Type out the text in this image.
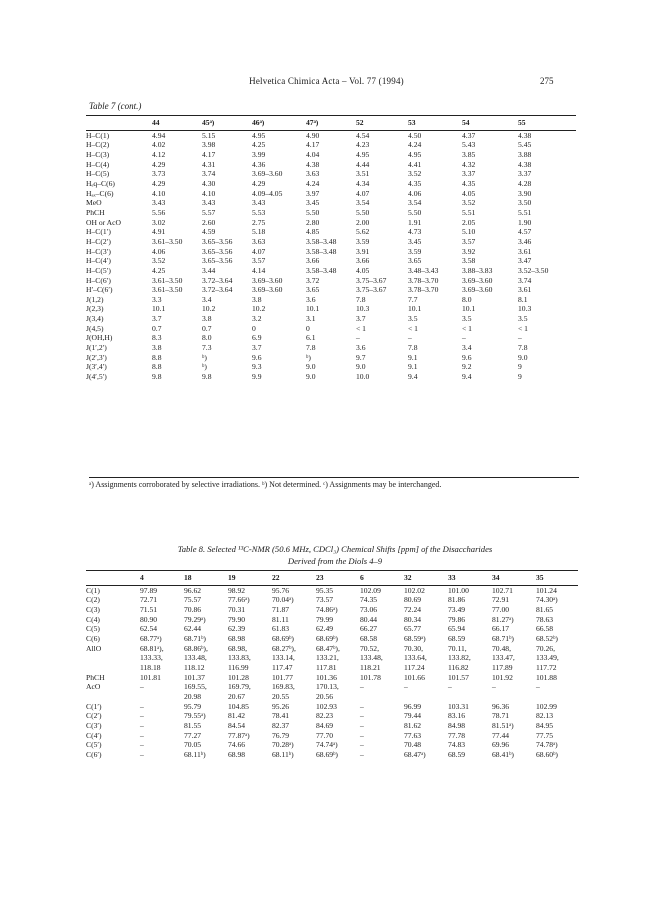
Helvetica Chimica Acta – Vol. 77 (1994)	275
Table 7 (cont.)
	44	45ᵃ)	46ᵃ)	47ᵃ)	52	53	54	55
H–C(1)	4.94	5.15	4.95	4.90	4.54	4.50	4.37	4.38
H–C(2)	4.02	3.98	4.25	4.17	4.23	4.24	5.43	5.45
H–C(3)	4.12	4.17	3.99	4.04	4.95	4.95	3.85	3.88
H–C(4)	4.29	4.31	4.36	4.38	4.44	4.41	4.32	4.38
H–C(5)	3.73	3.74	3.69–3.60	3.63	3.51	3.52	3.37	3.37
Hₑq–C(6)	4.29	4.30	4.29	4.24	4.34	4.35	4.35	4.28
Hₐₓ–C(6)	4.10	4.10	4.09–4.05	3.97	4.07	4.06	4.05	3.90
MeO	3.43	3.43	3.43	3.45	3.54	3.54	3.52	3.50
PhCH	5.56	5.57	5.53	5.50	5.50	5.50	5.51	5.51
OH or AcO	3.02	2.60	2.75	2.80	2.00	1.91	2.05	1.90
H–C(1′)	4.91	4.59	5.18	4.85	5.62	4.73	5.10	4.57
H–C(2′)	3.61–3.50	3.65–3.56	3.63	3.58–3.48	3.59	3.45	3.57	3.46
H–C(3′)	4.06	3.65–3.56	4.07	3.58–3.48	3.91	3.59	3.92	3.61
H–C(4′)	3.52	3.65–3.56	3.57	3.66	3.66	3.65	3.58	3.47
H–C(5′)	4.25	3.44	4.14	3.58–3.48	4.05	3.48–3.43	3.88–3.83	3.52–3.50
H–C(6′)	3.61–3.50	3.72–3.64	3.69–3.60	3.72	3.75–3.67	3.78–3.70	3.69–3.60	3.74
H′–C(6′)	3.61–3.50	3.72–3.64	3.69–3.60	3.65	3.75–3.67	3.78–3.70	3.69–3.60	3.61
J(1,2)	3.3	3.4	3.8	3.6	7.8	7.7	8.0	8.1
J(2,3)	10.1	10.2	10.2	10.1	10.3	10.1	10.1	10.3
J(3,4)	3.7	3.8	3.2	3.1	3.7	3.5	3.5	3.5
J(4,5)	0.7	0.7	0	0	< 1	< 1	< 1	< 1
J(OH,H)	8.3	8.0	6.9	6.1	–	–	–	–
J(1′,2′)	3.8	7.3	3.7	7.8	3.6	7.8	3.4	7.8
J(2′,3′)	8.8	ᵇ)	9.6	ᵇ)	9.7	9.1	9.6	9.0
J(3′,4′)	8.8	ᵇ)	9.3	9.0	9.0	9.1	9.2	9
J(4′,5′)	9.8	9.8	9.9	9.0	10.0	9.4	9.4	9
ᵃ) Assignments corroborated by selective irradiations. ᵇ) Not determined. ᶜ) Assignments may be interchanged.
Table 8. Selected ¹³C-NMR (50.6 MHz, CDCl₃) Chemical Shifts [ppm] of the Disaccharides
Derived from the Diols 4–9
	4	18	19	22	23	6	32	33	34	35
C(1)	97.89	96.62	98.92	95.76	95.35	102.09	102.02	101.00	102.71	101.24
C(2)	72.71	75.57	77.66ᵃ)	70.04ᵃ)	73.57	74.35	80.69	81.86	72.91	74.30ᵃ)
C(3)	71.51	70.86	70.31	71.87	74.86ᵃ)	73.06	72.24	73.49	77.00	81.65
C(4)	80.90	79.29ᵃ)	79.90	81.11	79.99	80.44	80.34	79.86	81.27ᵃ)	78.63
C(5)	62.54	62.44	62.39	61.83	62.49	66.27	65.77	65.94	66.17	66.58
C(6)	68.77ᵃ)	68.71ᵇ)	68.98	68.69ᵇ)	68.69ᵇ)	68.58	68.59ᵃ)	68.59	68.71ᵇ)	68.52ᵇ)
AllO	68.81ᵃ),	68.86ᵇ),	68.98,	68.27ᵇ),	68.47ᵇ),	70.52,	70.30,	70.11,	70.48,	70.26,
	133.33,	133.48,	133.83,	133.14,	133.21,	133.48,	133.64,	133.82,	133.47,	133.49,
	118.18	118.12	116.99	117.47	117.81	118.21	117.24	116.82	117.89	117.72
PhCH	101.81	101.37	101.28	101.77	101.36	101.78	101.66	101.57	101.92	101.88
AcO	–	169.55,	169.79,	169.83,	170.13,	–	–	–	–	–
		20.98	20.67	20.55	20.56					
C(1′)	–	95.79	104.85	95.26	102.93	–	96.99	103.31	96.36	102.99
C(2′)	–	79.55ᵃ)	81.42	78.41	82.23	–	79.44	83.16	78.71	82.13
C(3′)	–	81.55	84.54	82.37	84.69	–	81.62	84.98	81.51ᵃ)	84.95
C(4′)	–	77.27	77.87ᵃ)	76.79	77.70	–	77.63	77.78	77.44	77.75
C(5′)	–	70.05	74.66	70.28ᵃ)	74.74ᵃ)	–	70.48	74.83	69.96	74.78ᵃ)
C(6′)	–	68.11ᵇ)	68.98	68.11ᵇ)	68.69ᵇ)	–	68.47ᵃ)	68.59	68.41ᵇ)	68.60ᵇ)
